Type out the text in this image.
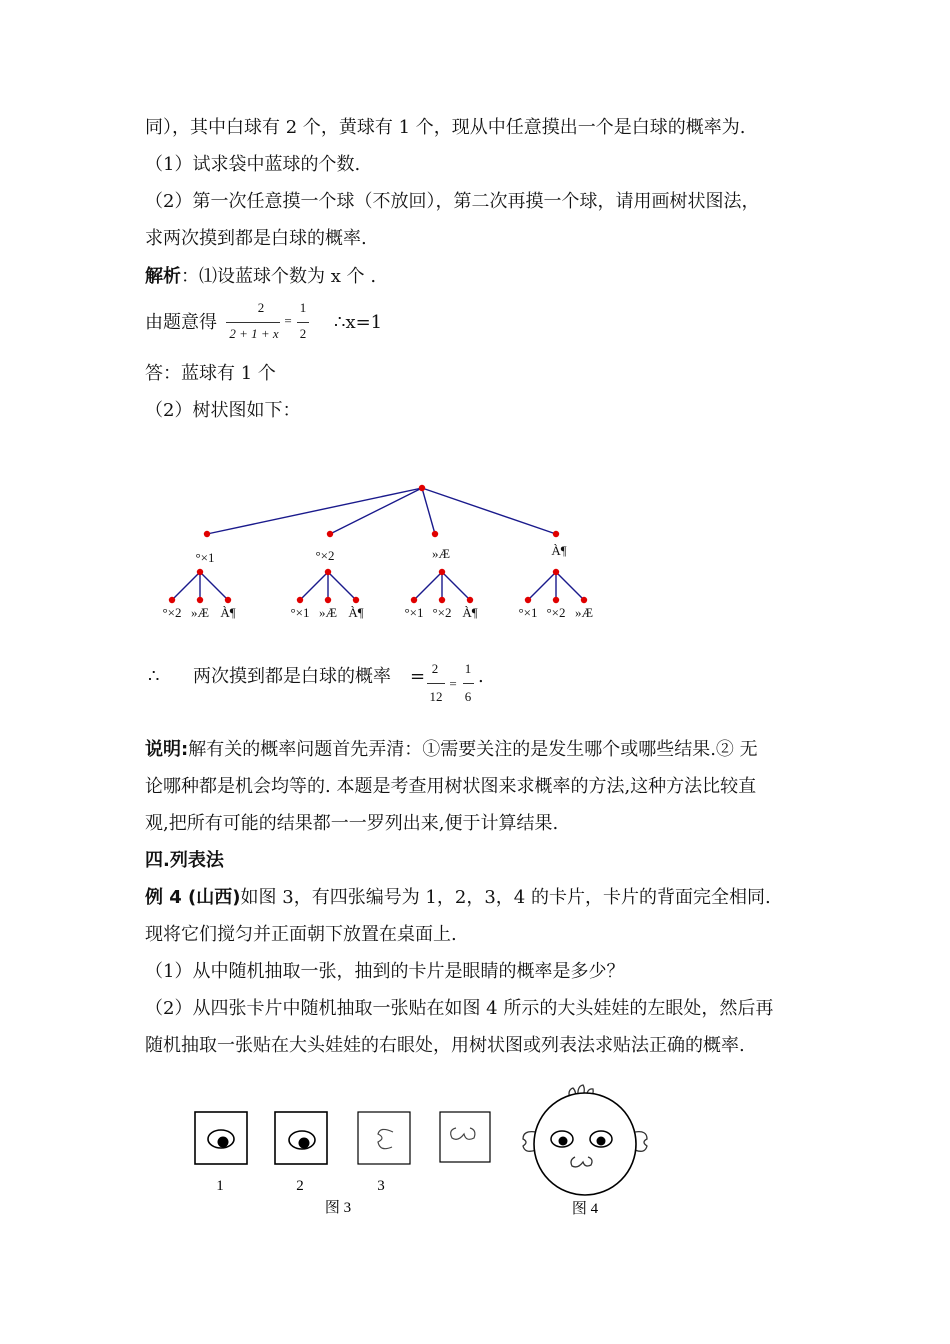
同），其中白球有 2 个，黄球有 1 个，现从中任意摸出一个是白球的概率为.
（1）试求袋中蓝球的个数.
（2）第一次任意摸一个球（不放回），第二次再摸一个球，请用画树状图法，
求两次摸到都是白球的概率.
解析：⑴设蓝球个数为 x 个 .
由题意得
2
2 + 1 + x
=
1
2
∴x=1
答：蓝球有 1 个
（2）树状图如下：
°×1
°×2 »Æ À¶
°×2
°×1 »Æ À¶
»Æ
°×1 °×2 À¶
À¶
°×1 °×2 »Æ
∴ 两次摸到都是白球的概率 = 2
12
=
1
6
.
说明:解有关的概率问题首先弄清：①需要关注的是发生哪个或哪些结果.② 无
论哪种都是机会均等的. 本题是考查用树状图来求概率的方法,这种方法比较直
观,把所有可能的结果都一一罗列出来,便于计算结果.
四.列表法
例 4 (山西)如图 3，有四张编号为 1，2，3，4 的卡片，卡片的背面完全相同.
现将它们搅匀并正面朝下放置在桌面上.
（1）从中随机抽取一张，抽到的卡片是眼睛的概率是多少？
（2）从四张卡片中随机抽取一张贴在如图 4 所示的大头娃娃的左眼处，然后再
随机抽取一张贴在大头娃娃的右眼处，用树状图或列表法求贴法正确的概率.
1	2	3
图 3	图 4
